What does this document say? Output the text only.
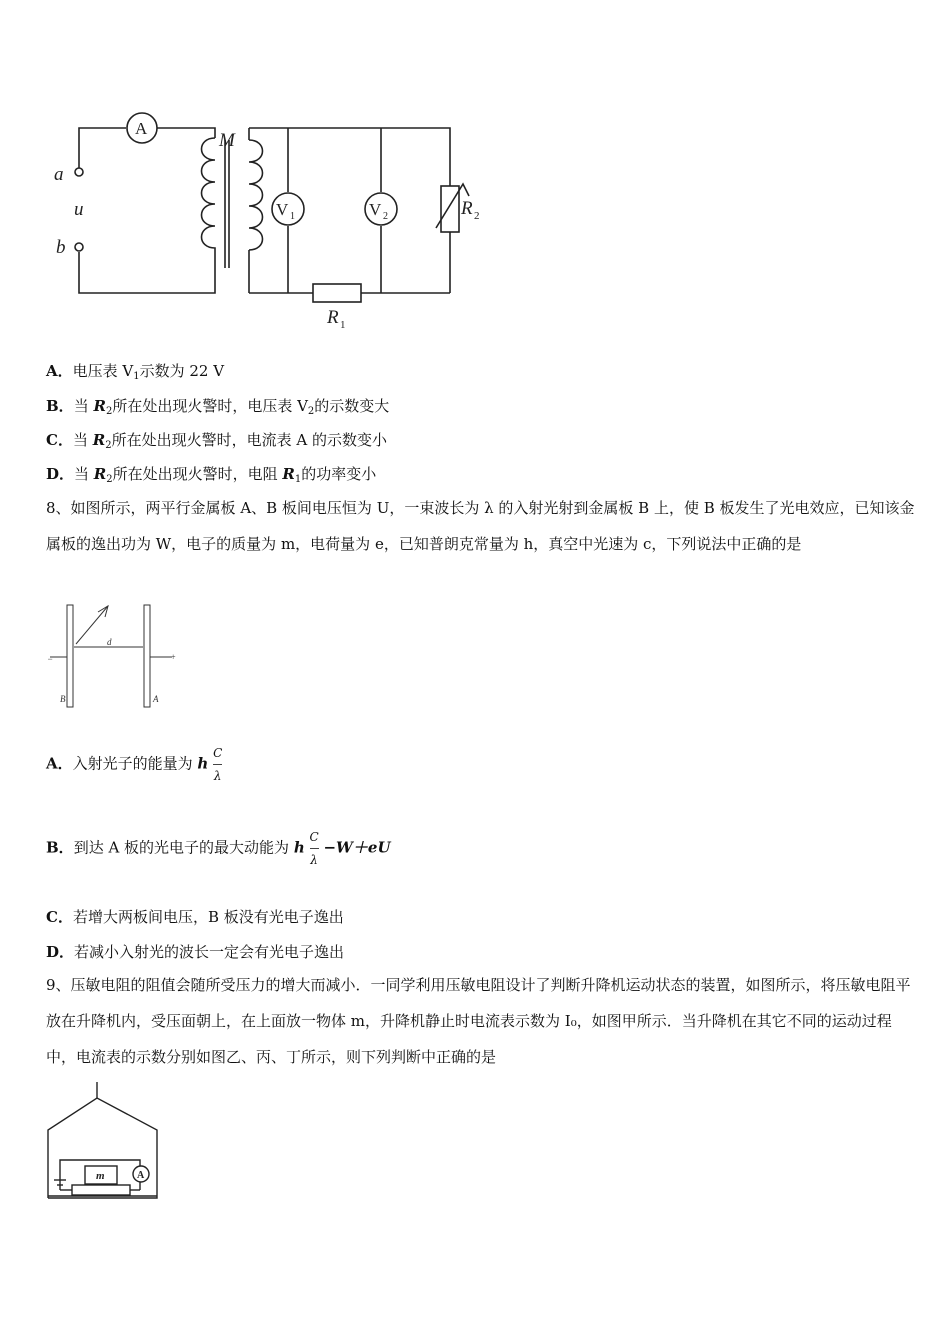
a
u
b
M
A
V 1	V 2	R 2
R 1
A．电压表 $V_1$示数为 22 V
B．当 $R_2$所在处出现火警时，电压表 $V_2$的示数变大
C．当 $R_2$所在处出现火警时，电流表 A 的示数变小
D．当 $R_2$所在处出现火警时，电阻 $R_1$的功率变小
8、如图所示，两平行金属板 A、B 板间电压恒为 U，一束波长为 λ 的入射光射到金属板 B 上，使 B 板发生了光电效应，已知该金属板的逸出功为 W，电子的质量为 m，电荷量为 e，已知普朗克常量为 h，真空中光速为 c，下列说法中正确的是
−	+
d
B	A
A．入射光子的能量为 h $\frac{C}{\lambda}$
B．到达 A 板的光电子的最大动能为 h $\frac{C}{\lambda} -W+eU$
C．若增大两板间电压，B 板没有光电子逸出
D．若减小入射光的波长一定会有光电子逸出
9、压敏电阻的阻值会随所受压力的增大而减小．一同学利用压敏电阻设计了判断升降机运动状态的装置，如图所示，将压敏电阻平放在升降机内，受压面朝上，在上面放一物体 m，升降机静止时电流表示数为 I₀，如图甲所示．当升降机在其它不同的运动过程中，电流表的示数分别如图乙、丙、丁所示，则下列判断中正确的是
m	A
